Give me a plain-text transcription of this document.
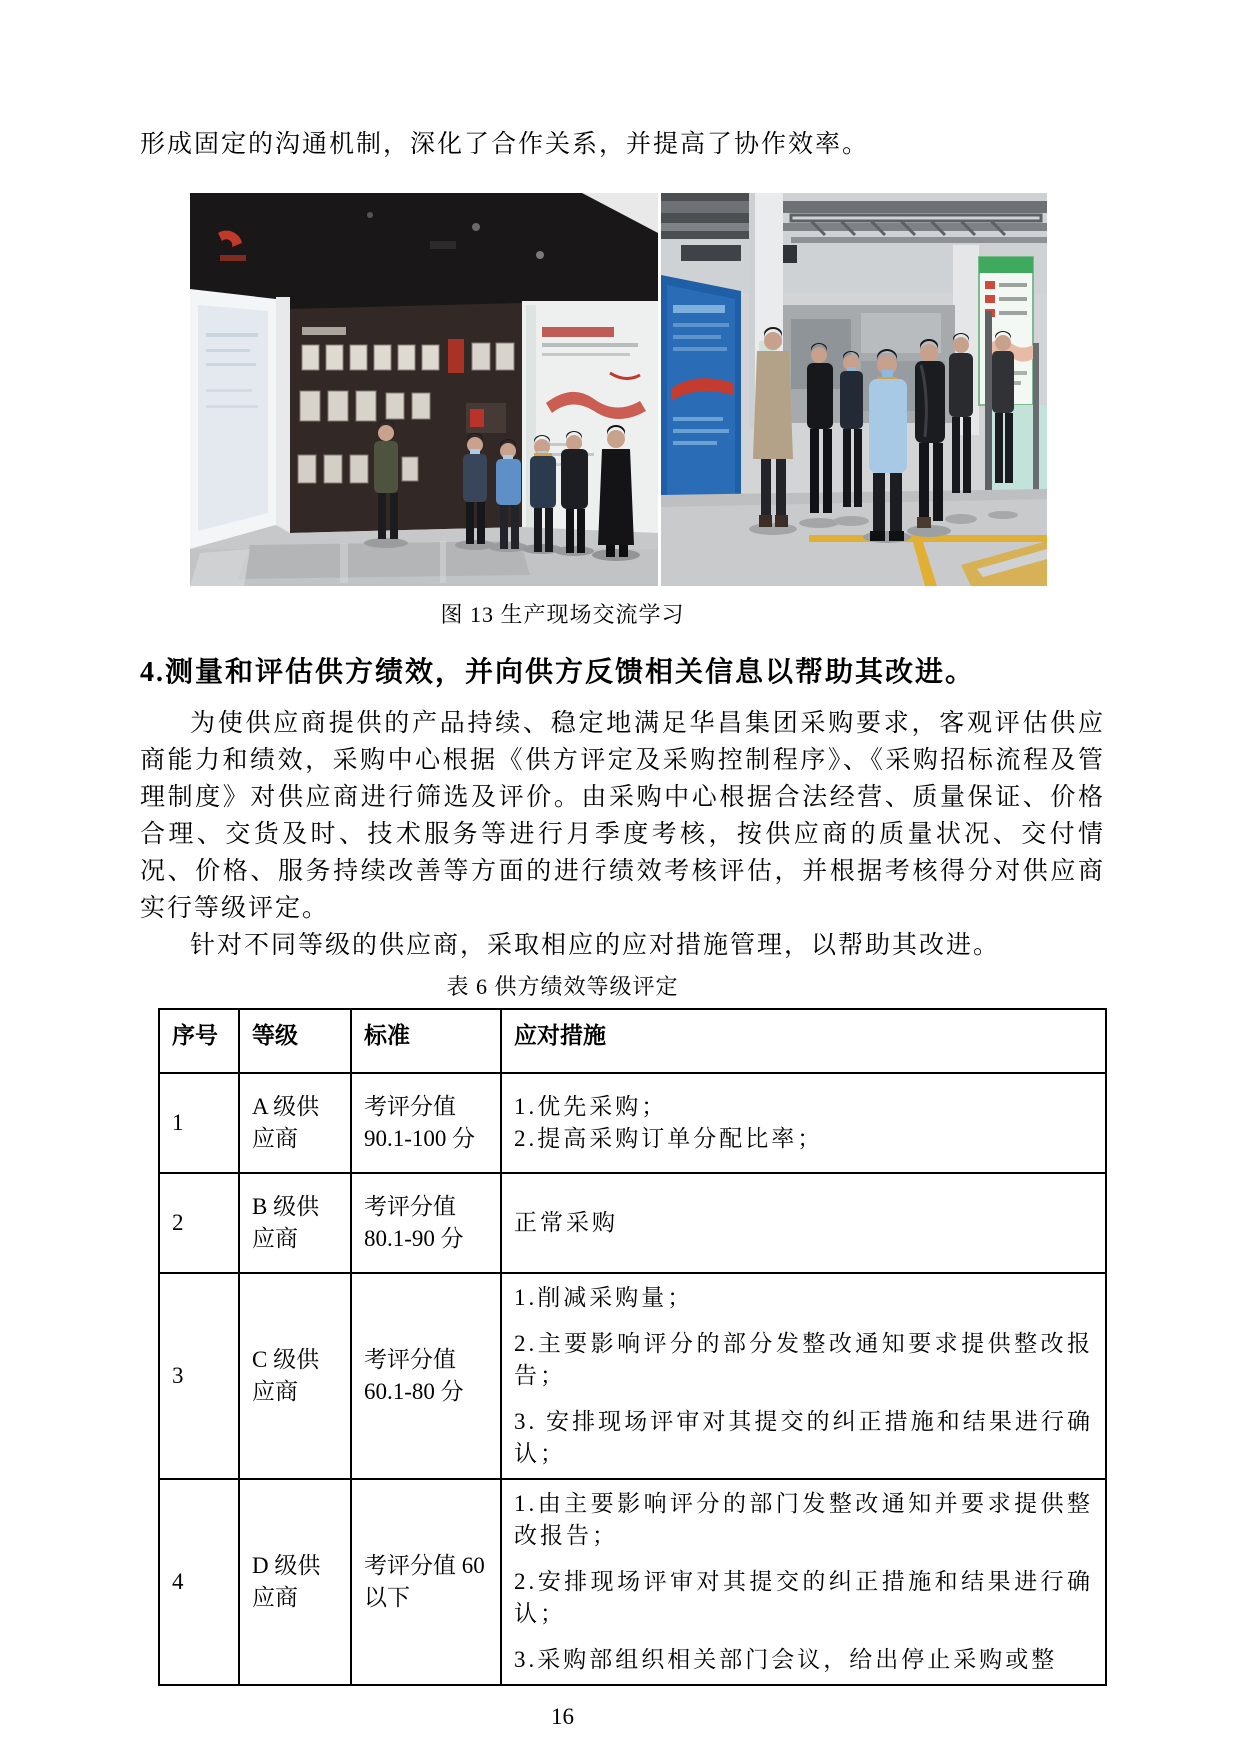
形成固定的沟通机制，深化了合作关系，并提高了协作效率。
图 13 生产现场交流学习
4.测量和评估供方绩效，并向供方反馈相关信息以帮助其改进。
为使供应商提供的产品持续、稳定地满足华昌集团采购要求，客观评估供应商能力和绩效，采购中心根据《供方评定及采购控制程序》、《采购招标流程及管理制度》对供应商进行筛选及评价。由采购中心根据合法经营、质量保证、价格合理、交货及时、技术服务等进行月季度考核，按供应商的质量状况、交付情况、价格、服务持续改善等方面的进行绩效考核评估，并根据考核得分对供应商实行等级评定。
针对不同等级的供应商，采取相应的应对措施管理，以帮助其改进。
表 6 供方绩效等级评定
序号	等级	标准	应对措施
1	A 级供应商	考评分值 90.1-100 分	1.优先采购；

2.提高采购订单分配比率；

2	B 级供应商	考评分值 80.1-90 分	正常采购

3	C 级供应商	考评分值 60.1-80 分	1.削减采购量；

2.主要影响评分的部分发整改通知要求提供整改报告；

3. 安排现场评审对其提交的纠正措施和结果进行确认；

4	D 级供应商	考评分值 60 以下	1.由主要影响评分的部门发整改通知并要求提供整改报告；

2.安排现场评审对其提交的纠正措施和结果进行确认；

3.采购部组织相关部门会议，给出停止采购或整

16
